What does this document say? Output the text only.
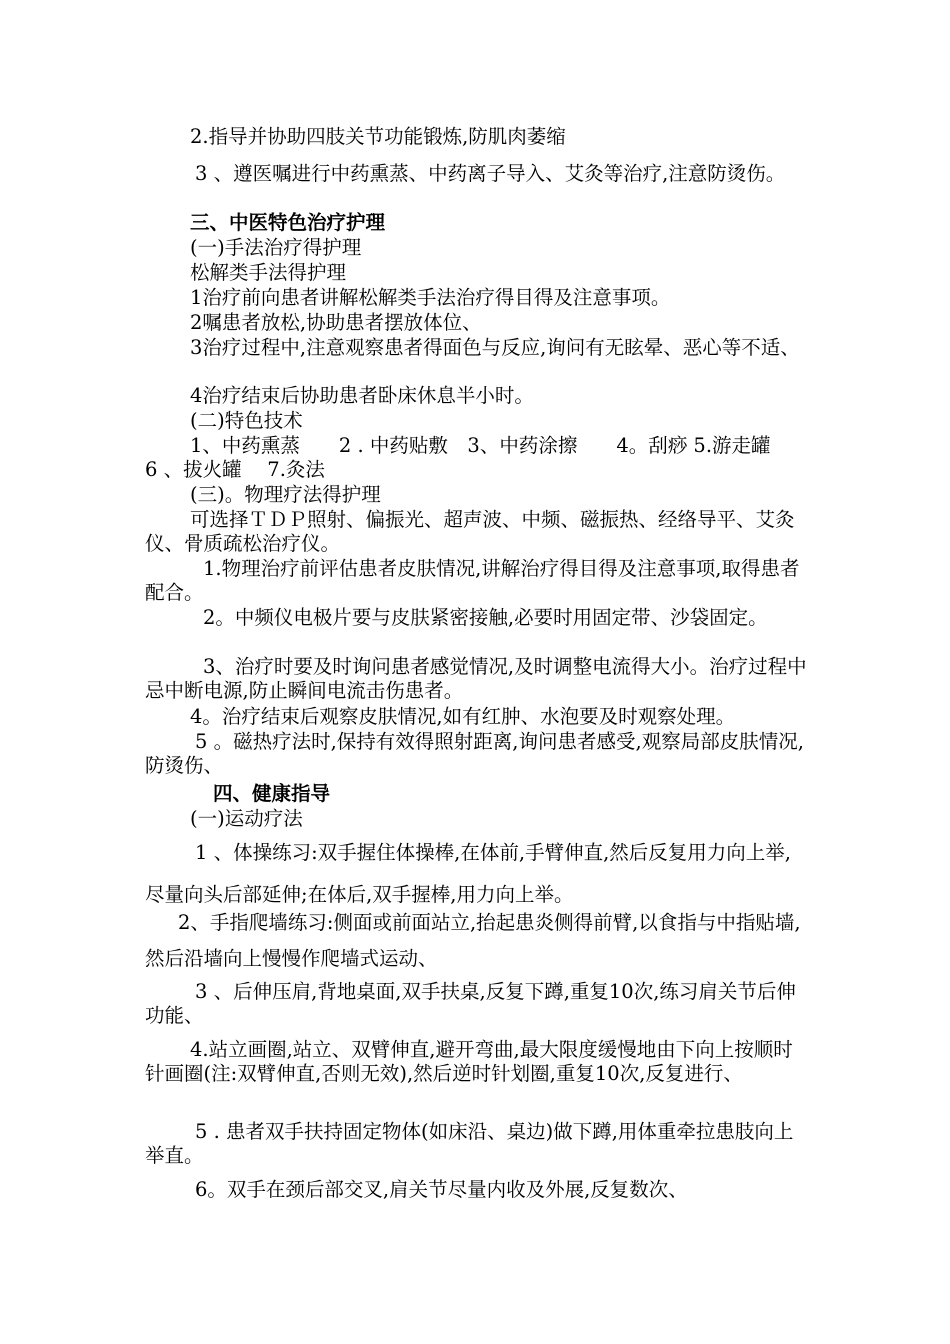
2.指导并协助四肢关节功能锻炼,防肌肉萎缩

3 、遵医嘱进行中药熏蒸、中药离子导入、艾灸等治疗,注意防烫伤。

三、中医特色治疗护理

(一)手法治疗得护理

松解类手法得护理

1治疗前向患者讲解松解类手法治疗得目得及注意事项。

2嘱患者放松,协助患者摆放体位、

3治疗过程中,注意观察患者得面色与反应,询问有无眩晕、恶心等不适、

4治疗结束后协助患者卧床休息半小时。

(二)特色技术

1、中药熏蒸　　2 . 中药贴敷　3、中药涂擦　　4。刮痧 5.游走罐　　 6 、拔火罐　 7.灸法

(三)。物理疗法得护理

可选择ＴＤＰ照射、偏振光、超声波、中频、磁振热、经络导平、艾灸仪、骨质疏松治疗仪。

1.物理治疗前评估患者皮肤情况,讲解治疗得目得及注意事项,取得患者配合。

2。中频仪电极片要与皮肤紧密接触,必要时用固定带、沙袋固定。

3、治疗时要及时询问患者感觉情况,及时调整电流得大小。治疗过程中忌中断电源,防止瞬间电流击伤患者。

4。治疗结束后观察皮肤情况,如有红肿、水泡要及时观察处理。

5 。磁热疗法时,保持有效得照射距离,询问患者感受,观察局部皮肤情况,防烫伤、

四、健康指导

(一)运动疗法

1 、体操练习:双手握住体操棒,在体前,手臂伸直,然后反复用力向上举,尽量向头后部延伸;在体后,双手握棒,用力向上举。

2、手指爬墙练习:侧面或前面站立,抬起患炎侧得前臂,以食指与中指贴墙,然后沿墙向上慢慢作爬墙式运动、

3 、后伸压肩,背地桌面,双手扶桌,反复下蹲,重复10次,练习肩关节后伸功能、

4.站立画圈,站立、双臂伸直,避开弯曲,最大限度缓慢地由下向上按顺时针画圈(注:双臂伸直,否则无效),然后逆时针划圈,重复10次,反复进行、

5 . 患者双手扶持固定物体(如床沿、桌边)做下蹲,用体重牵拉患肢向上举直。

6。双手在颈后部交叉,肩关节尽量内收及外展,反复数次、
